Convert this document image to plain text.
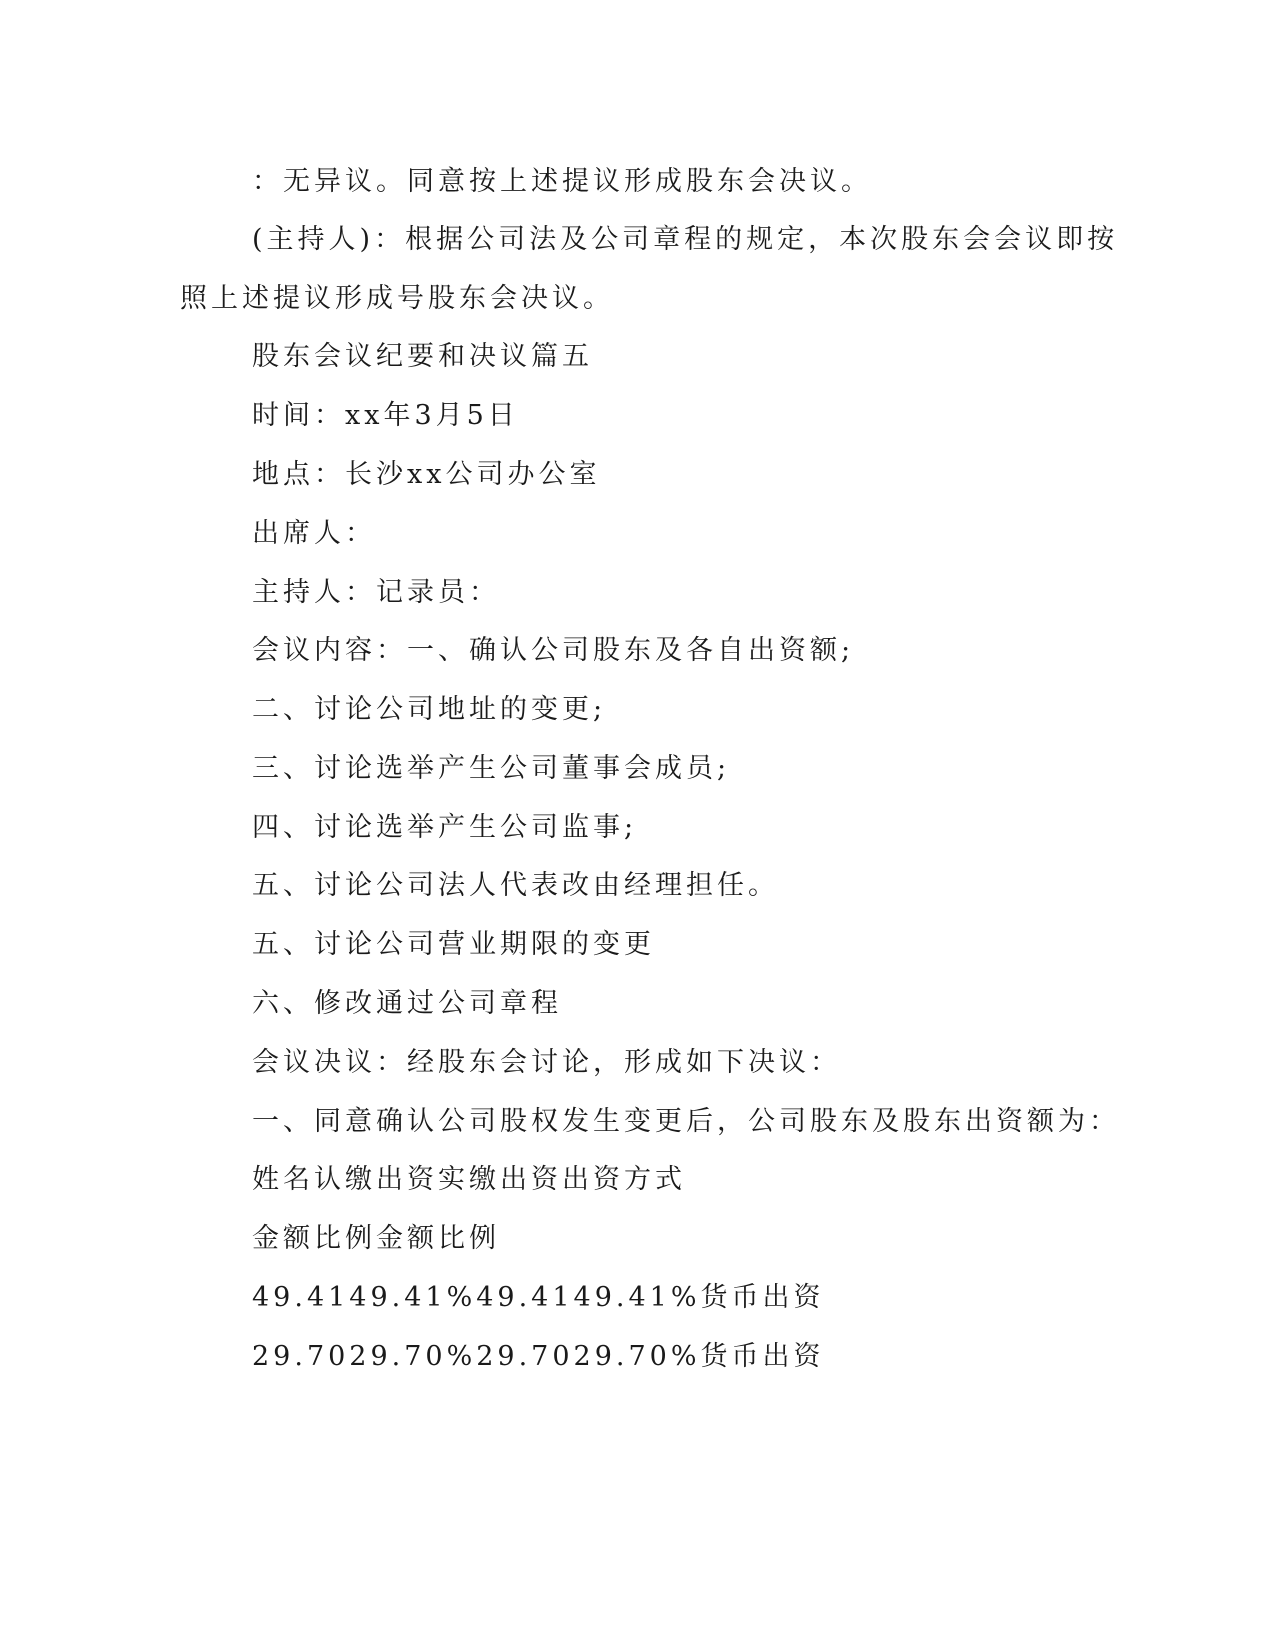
：无异议。同意按上述提议形成股东会决议。
(主持人)：根据公司法及公司章程的规定，本次股东会会议即按
照上述提议形成号股东会决议。
股东会议纪要和决议篇五
时间：xx年3月5日
地点：长沙xx公司办公室
出席人：
主持人：记录员：
会议内容：一、确认公司股东及各自出资额;
二、讨论公司地址的变更;
三、讨论选举产生公司董事会成员;
四、讨论选举产生公司监事;
五、讨论公司法人代表改由经理担任。
五、讨论公司营业期限的变更
六、修改通过公司章程
会议决议：经股东会讨论，形成如下决议：
一、同意确认公司股权发生变更后，公司股东及股东出资额为：
姓名认缴出资实缴出资出资方式
金额比例金额比例
49.4149.41%49.4149.41%货币出资
29.7029.70%29.7029.70%货币出资
